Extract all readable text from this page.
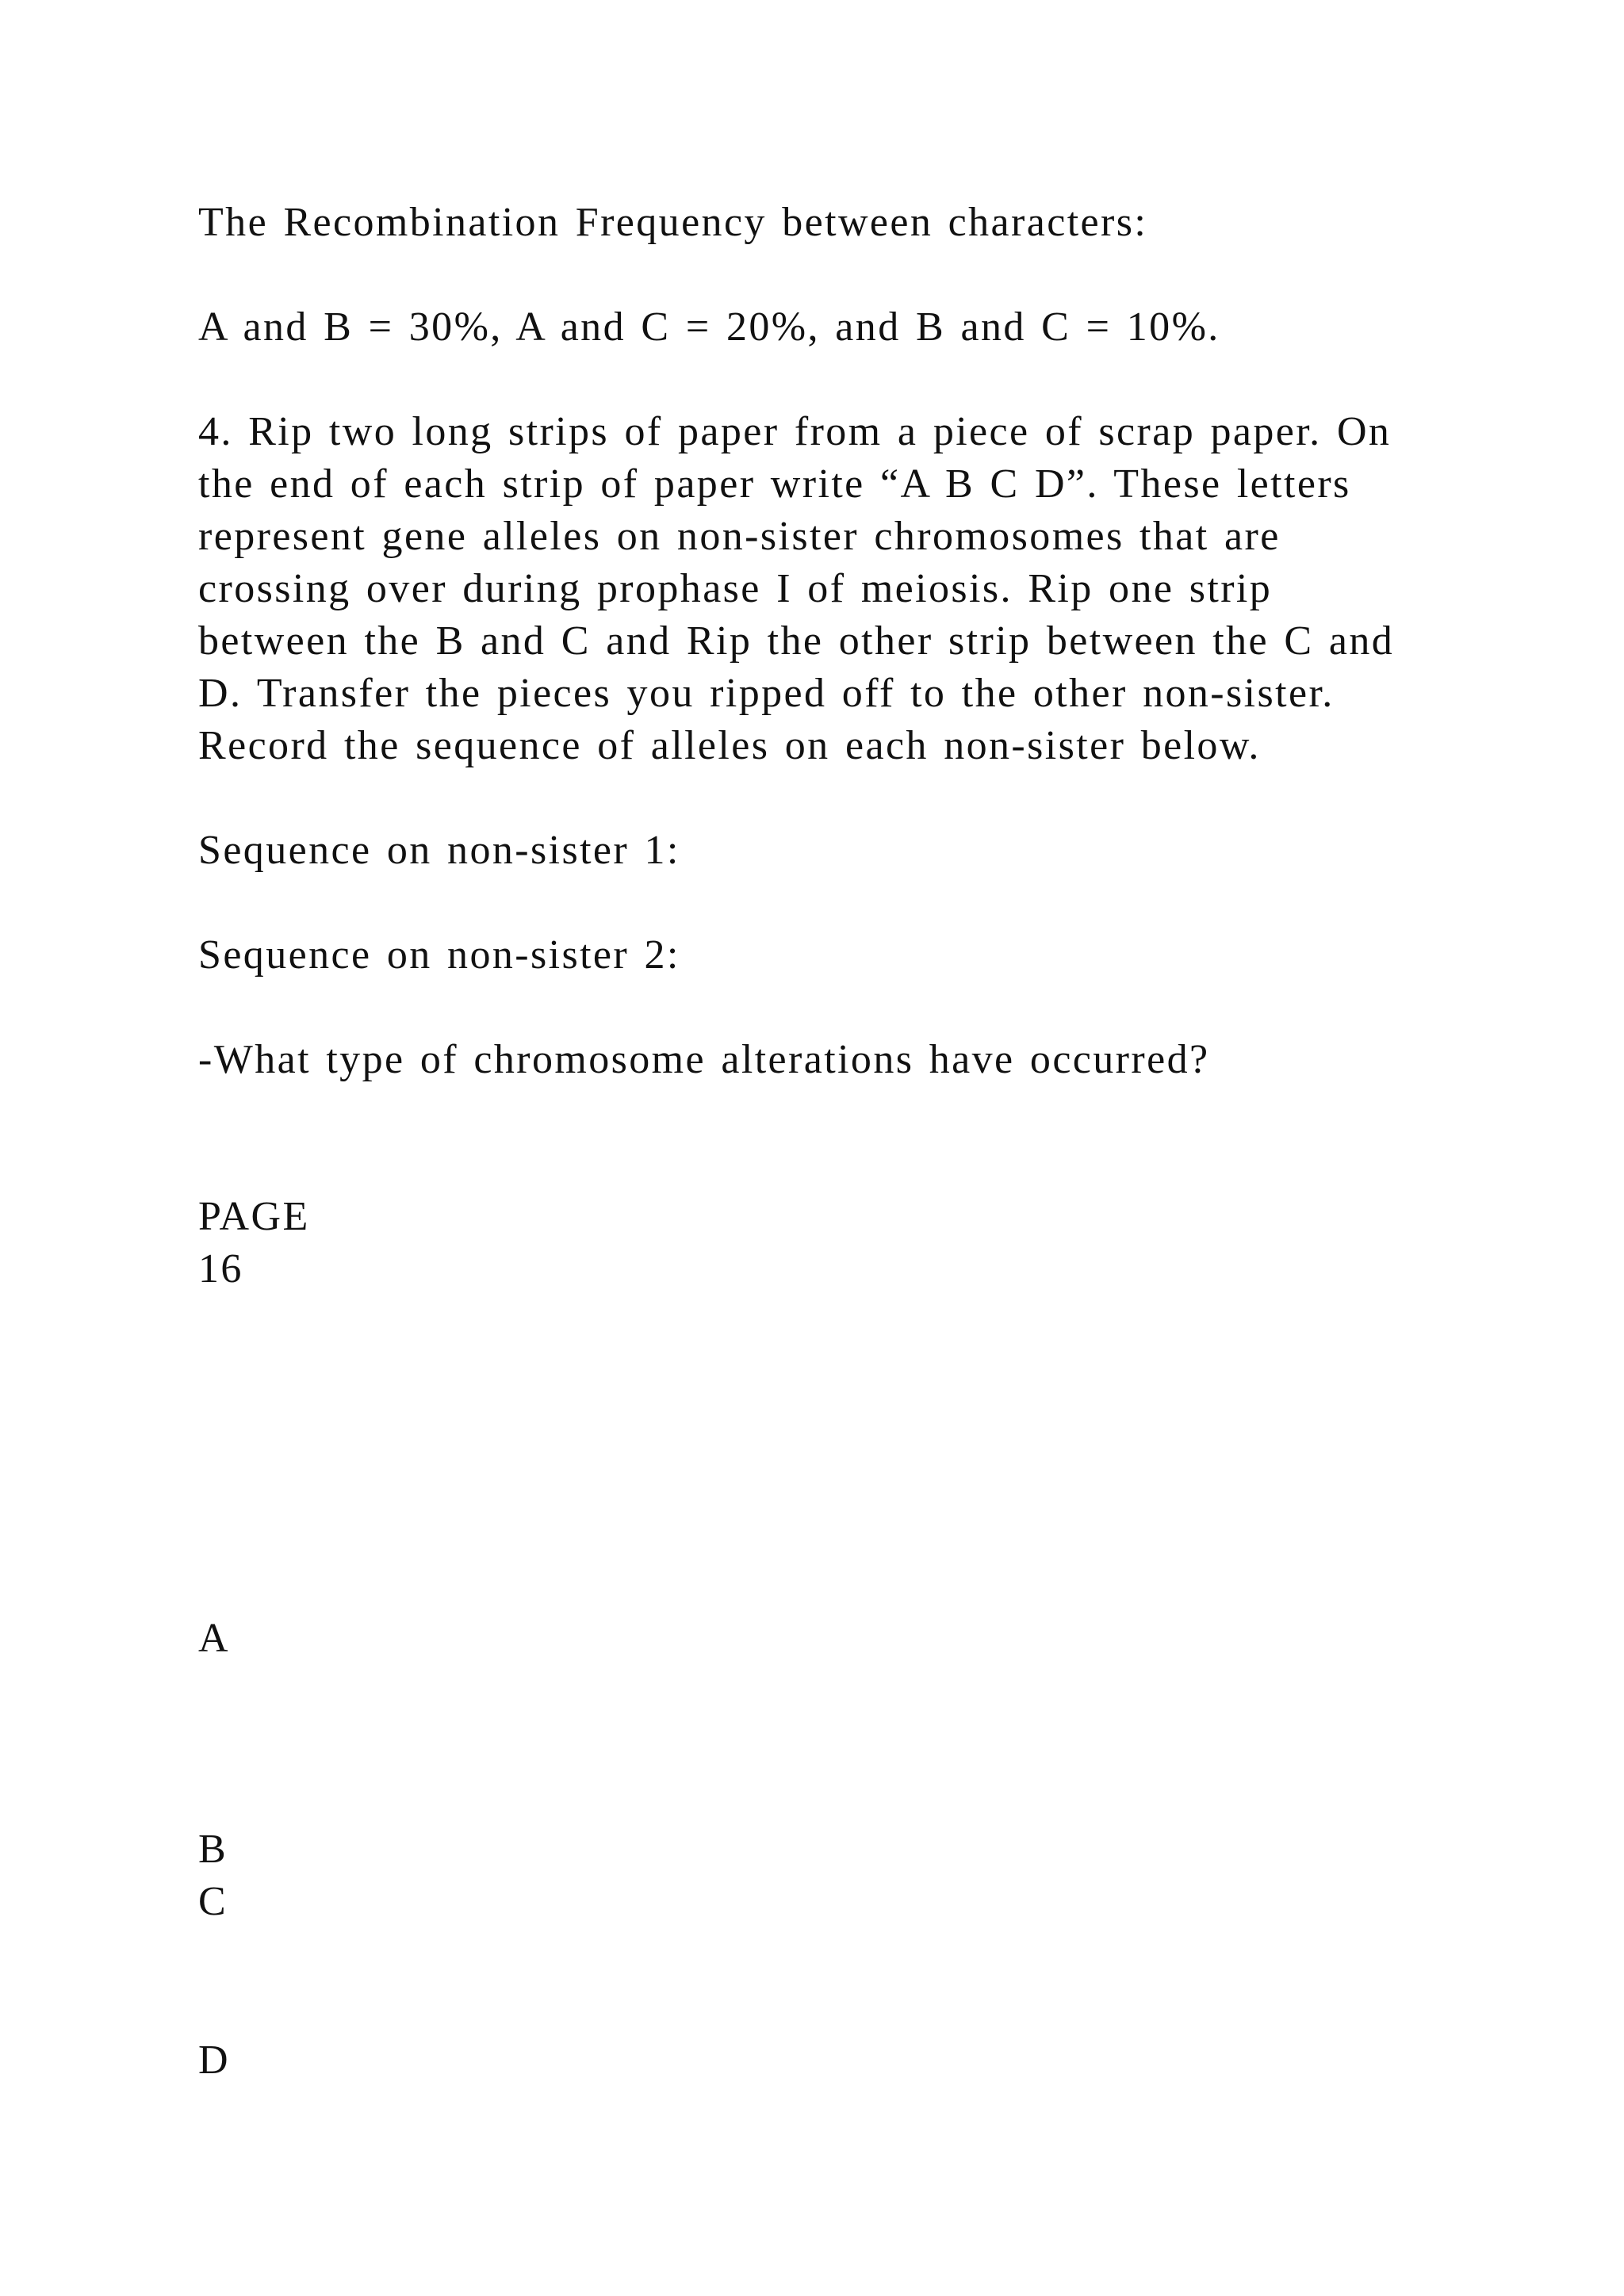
The Recombination Frequency between characters:
A and B = 30%, A and C = 20%, and B and C = 10%.
4. Rip two long strips of paper from a piece of scrap paper. On
the end of each strip of paper write “A B C D”. These letters
represent gene alleles on non-sister chromosomes that are
crossing over during prophase I of meiosis. Rip one strip
between the B and C and Rip the other strip between the C and
D. Transfer the pieces you ripped off to the other non-sister.
Record the sequence of alleles on each non-sister below.
Sequence on non-sister 1:
Sequence on non-sister 2:
-What type of chromosome alterations have occurred?
PAGE
16
A
B
C
D
